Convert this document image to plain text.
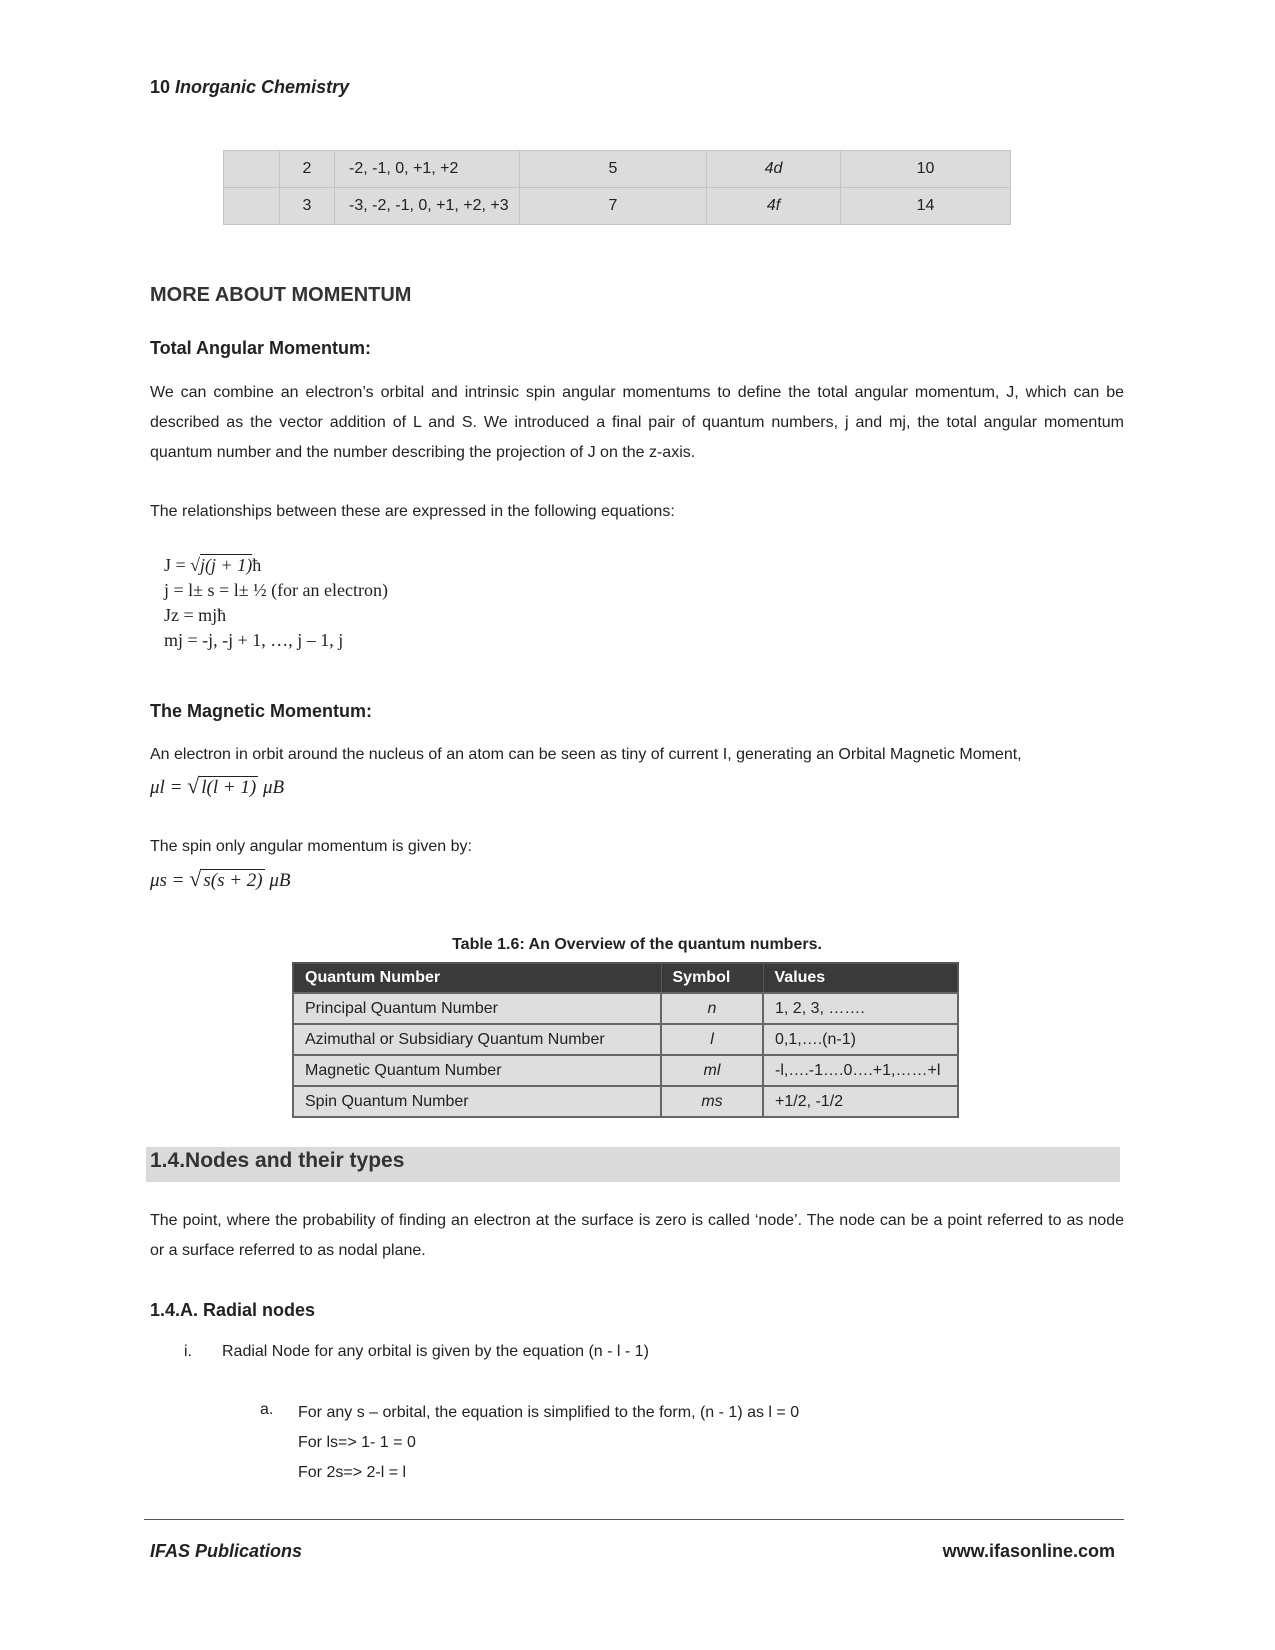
10 Inorganic Chemistry
	2	-2, -1, 0, +1, +2	5	4d	10
	3	-3, -2, -1, 0, +1, +2, +3	7	4f	14
MORE ABOUT MOMENTUM
Total Angular Momentum:
We can combine an electron’s orbital and intrinsic spin angular momentums to define the total angular momentum, J, which can be described as the vector addition of L and S. We introduced a final pair of quantum numbers, j and mj, the total angular momentum quantum number and the number describing the projection of J on the z-axis.
The relationships between these are expressed in the following equations:
J = √j(j + 1)ħ
j = l± s = l± ½ (for an electron)
Jz = mjħ
mj = -j, -j + 1, …, j – 1, j
The Magnetic Momentum:
An electron in orbit around the nucleus of an atom can be seen as tiny of current I, generating an Orbital Magnetic Moment,
μl = √ l(l + 1) μB
The spin only angular momentum is given by:
μs = √ s(s + 2) μB
Table 1.6: An Overview of the quantum numbers.
Quantum Number	Symbol	Values
Principal Quantum Number	n	1, 2, 3, …….
Azimuthal or Subsidiary Quantum Number	l	0,1,….(n-1)
Magnetic Quantum Number	ml	-l,….-1….0….+1,……+l
Spin Quantum Number	ms	+1/2, -1/2
1.4.Nodes and their types
The point, where the probability of finding an electron at the surface is zero is called ‘node’. The node can be a point referred to as node or a surface referred to as nodal plane.
1.4.A. Radial nodes
i. Radial Node for any orbital is given by the equation (n - l - 1)
a. For any s – orbital, the equation is simplified to the form, (n - 1) as l = 0
For ls=> 1- 1 = 0
For 2s=> 2-l = l
IFAS Publications	www.ifasonline.com
